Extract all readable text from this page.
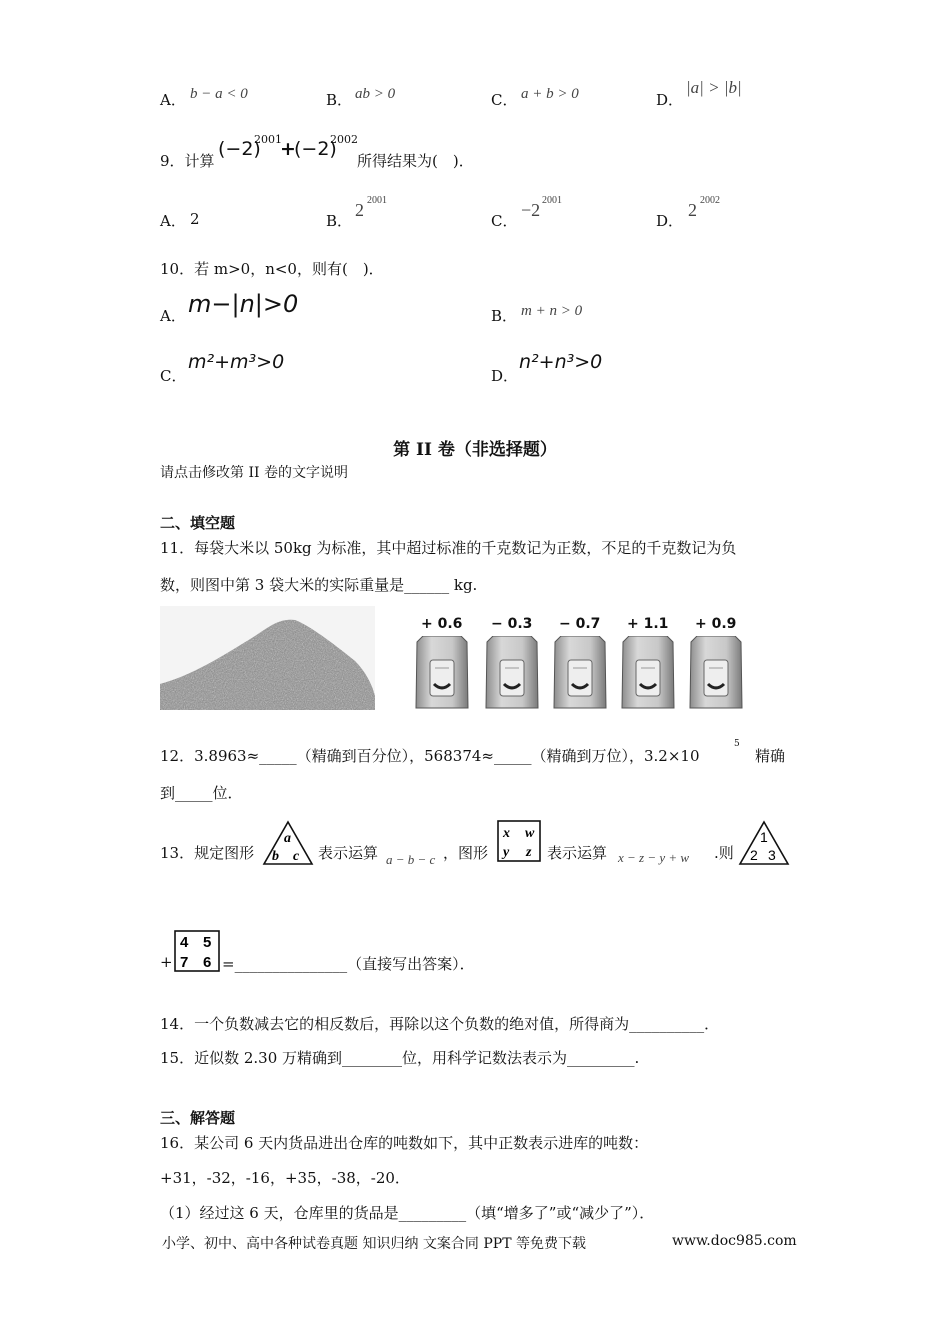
A． b − a < 0	B． ab > 0	C． a + b > 0	D．
|a| > |b|
9．计算
(−2)
2001
+
(−2)
2002
所得结果为(　)．
A． 2	B．
2 2001
C．
−2 2001
D．
2 2002
10．若 m>0，n<0，则有(　)．
A． m−|n|>0	B． m + n > 0
C．
m²+m³>0
D．
n²+n³>0
第 II 卷（非选择题）
请点击修改第 II 卷的文字说明
二、填空题
11．每袋大米以 50kg 为标准，其中超过标准的千克数记为正数，不足的千克数记为负
数，则图中第 3 袋大米的实际重量是______ kg.
+ 0.6 − 0.3 − 0.7 + 1.1 + 0.9
12．3.8963≈_____（精确到百分位），568374≈_____（精确到万位），3.2×10
5
精确
到_____位．
13．规定图形
a
b c 表示运算 a − b − c ，图形
x w
y z 表示运算 x − z − y + w .则
1
2 3
+
4 5
7 6 =_______________（直接写出答案）．
14．一个负数减去它的相反数后，再除以这个负数的绝对值，所得商为__________．
15．近似数 2.30 万精确到________位，用科学记数法表示为_________.
三、解答题
16．某公司 6 天内货品进出仓库的吨数如下，其中正数表示进库的吨数：
+31，-32，-16，+35，-38，-20．
（1）经过这 6 天，仓库里的货品是_________（填“增多了”或“减少了”）．
小学、初中、高中各种试卷真题 知识归纳 文案合同 PPT 等免费下载	www.doc985.com
